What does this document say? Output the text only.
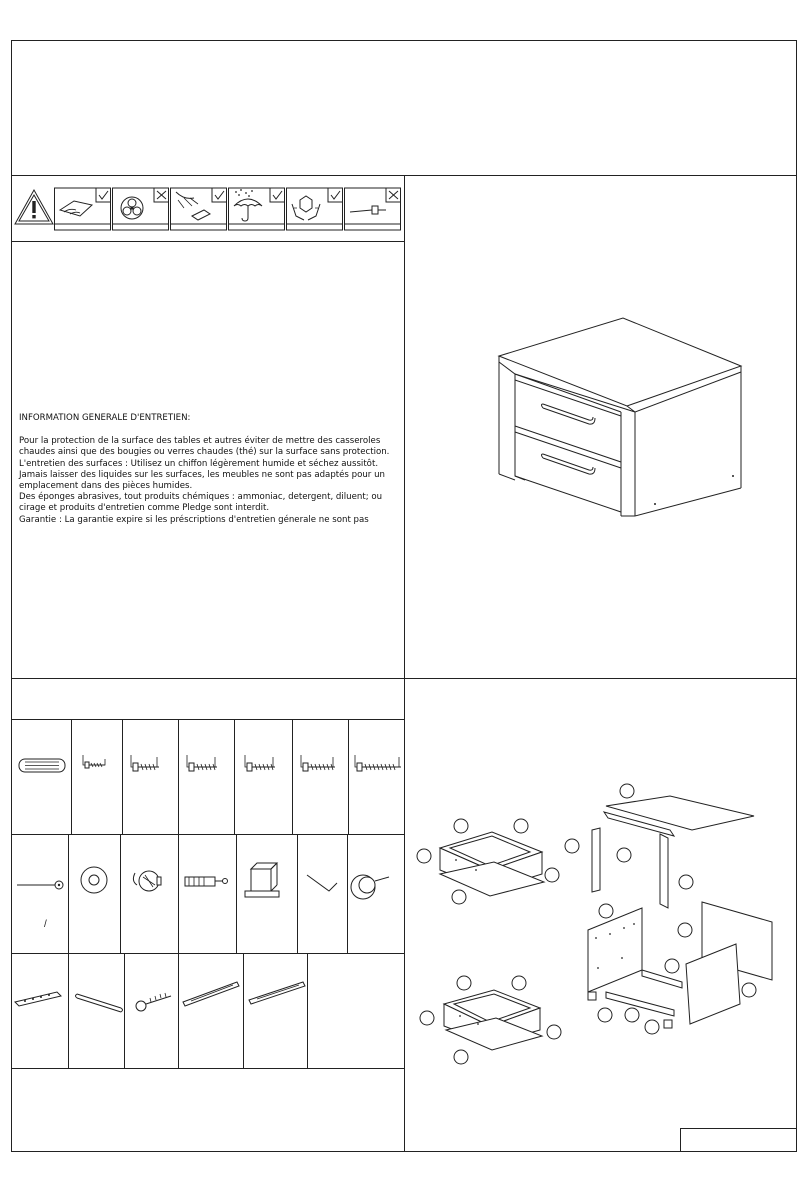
INFORMATION GENERALE D'ENTRETIEN:

Pour la protection de la surface des tables et autres éviter de mettre des casseroles

chaudes ainsi que des bougies ou verres chaudes (thé) sur la surface sans protection.

L'entretien des surfaces : Utilisez un chiffon légèrement humide et séchez aussitôt.

Jamais laisser des liquides sur les surfaces, les meubles ne sont pas adaptés pour un

emplacement dans des pièces humides.

Des éponges abrasives, tout produits chémiques : ammoniac, detergent, diluent; ou

cirage et produits d'entretien comme Pledge sont interdit.

Garantie : La garantie expire si les préscriptions d'entretien génerale ne sont pas

/
